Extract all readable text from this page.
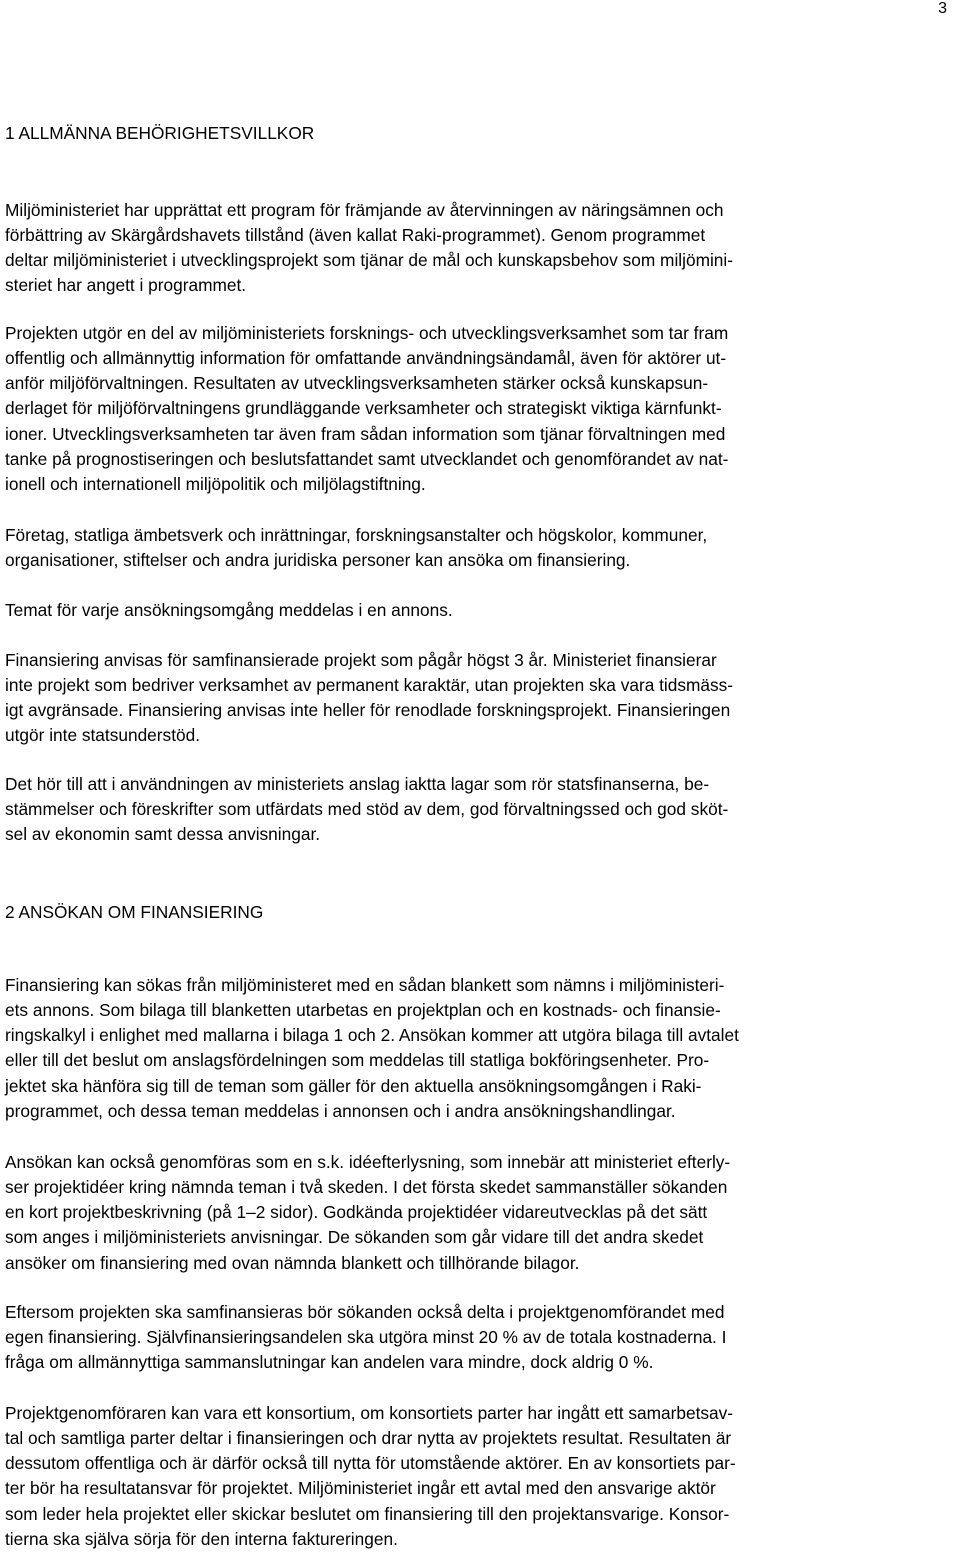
3
1 ALLMÄNNA BEHÖRIGHETSVILLKOR

Miljöministeriet har upprättat ett program för främjande av återvinningen av näringsämnen och
förbättring av Skärgårdshavets tillstånd (även kallat Raki-programmet). Genom programmet
deltar miljöministeriet i utvecklingsprojekt som tjänar de mål och kunskapsbehov som miljömini-
steriet har angett i programmet.

Projekten utgör en del av miljöministeriets forsknings- och utvecklingsverksamhet som tar fram
offentlig och allmännyttig information för omfattande användningsändamål, även för aktörer ut-
anför miljöförvaltningen. Resultaten av utvecklingsverksamheten stärker också kunskapsun-
derlaget för miljöförvaltningens grundläggande verksamheter och strategiskt viktiga kärnfunkt-
ioner. Utvecklingsverksamheten tar även fram sådan information som tjänar förvaltningen med
tanke på prognostiseringen och beslutsfattandet samt utvecklandet och genomförandet av nat-
ionell och internationell miljöpolitik och miljölagstiftning.

Företag, statliga ämbetsverk och inrättningar, forskningsanstalter och högskolor, kommuner,
organisationer, stiftelser och andra juridiska personer kan ansöka om finansiering.

Temat för varje ansökningsomgång meddelas i en annons.

Finansiering anvisas för samfinansierade projekt som pågår högst 3 år. Ministeriet finansierar
inte projekt som bedriver verksamhet av permanent karaktär, utan projekten ska vara tidsmäss-
igt avgränsade. Finansiering anvisas inte heller för renodlade forskningsprojekt. Finansieringen
utgör inte statsunderstöd.

Det hör till att i användningen av ministeriets anslag iaktta lagar som rör statsfinanserna, be-
stämmelser och föreskrifter som utfärdats med stöd av dem, god förvaltningssed och god sköt-
sel av ekonomin samt dessa anvisningar.

2 ANSÖKAN OM FINANSIERING

Finansiering kan sökas från miljöministeret med en sådan blankett som nämns i miljöministeri-
ets annons. Som bilaga till blanketten utarbetas en projektplan och en kostnads- och finansie-
ringskalkyl i enlighet med mallarna i bilaga 1 och 2. Ansökan kommer att utgöra bilaga till avtalet
eller till det beslut om anslagsfördelningen som meddelas till statliga bokföringsenheter. Pro-
jektet ska hänföra sig till de teman som gäller för den aktuella ansökningsomgången i Raki-
programmet, och dessa teman meddelas i annonsen och i andra ansökningshandlingar.

Ansökan kan också genomföras som en s.k. idéefterlysning, som innebär att ministeriet efterly-
ser projektidéer kring nämnda teman i två skeden. I det första skedet sammanställer sökanden
en kort projektbeskrivning (på 1–2 sidor). Godkända projektidéer vidareutvecklas på det sätt
som anges i miljöministeriets anvisningar. De sökanden som går vidare till det andra skedet
ansöker om finansiering med ovan nämnda blankett och tillhörande bilagor.

Eftersom projekten ska samfinansieras bör sökanden också delta i projektgenomförandet med
egen finansiering. Självfinansieringsandelen ska utgöra minst 20 % av de totala kostnaderna. I
fråga om allmännyttiga sammanslutningar kan andelen vara mindre, dock aldrig 0 %.

Projektgenomföraren kan vara ett konsortium, om konsortiets parter har ingått ett samarbetsav-
tal och samtliga parter deltar i finansieringen och drar nytta av projektets resultat. Resultaten är
dessutom offentliga och är därför också till nytta för utomstående aktörer. En av konsortiets par-
ter bör ha resultatansvar för projektet. Miljöministeriet ingår ett avtal med den ansvarige aktör
som leder hela projektet eller skickar beslutet om finansiering till den projektansvarige. Konsor-
tierna ska själva sörja för den interna faktureringen.
